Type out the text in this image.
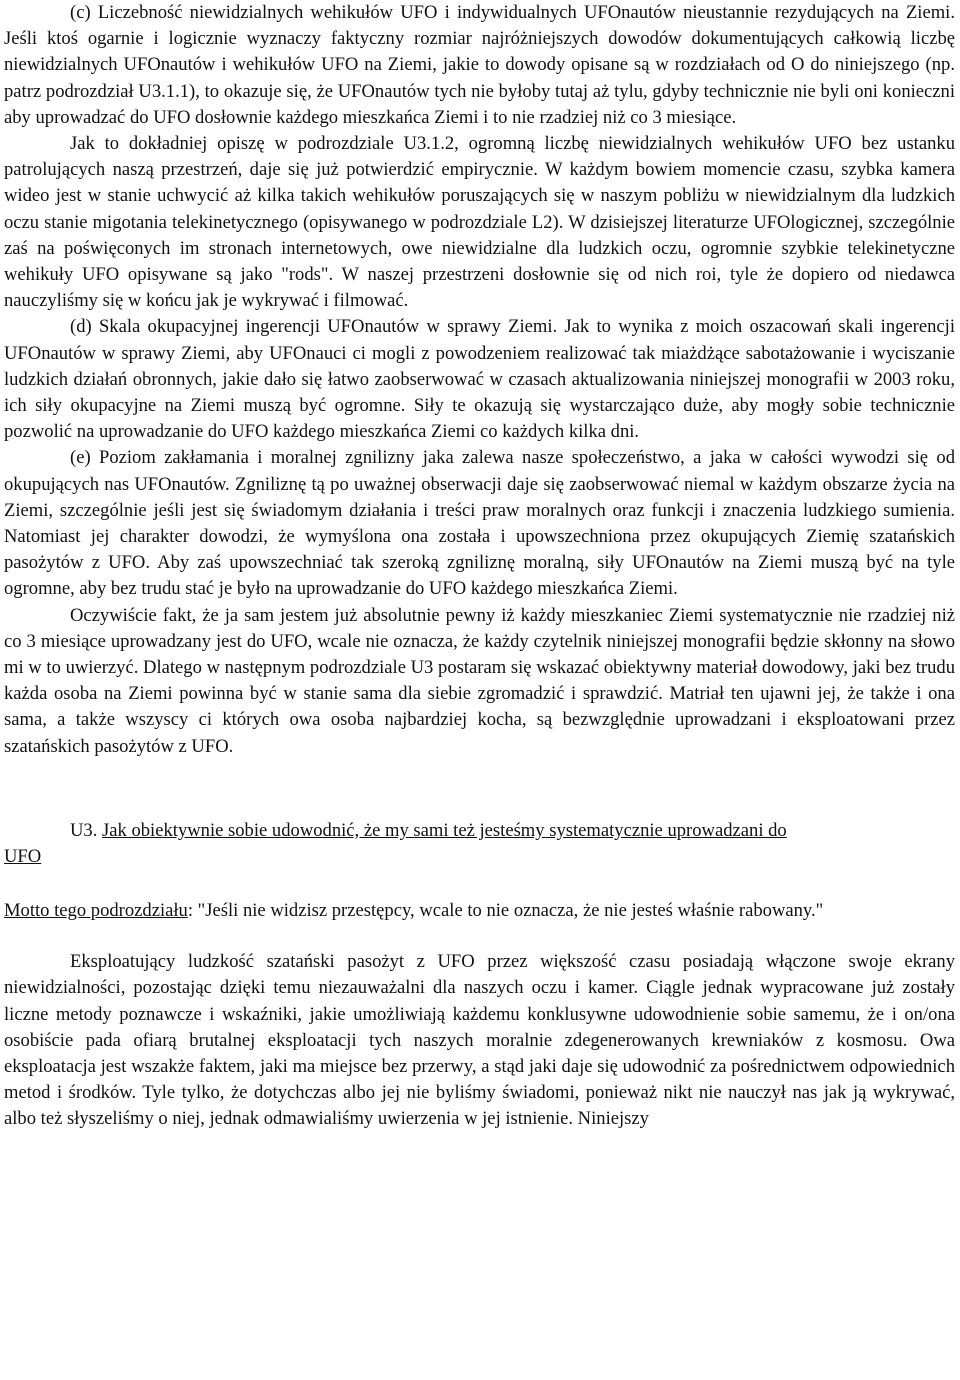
(c) Liczebność niewidzialnych wehikułów UFO i indywidualnych UFOnautów nieustannie rezydujących na Ziemi. Jeśli ktoś ogarnie i logicznie wyznaczy faktyczny rozmiar najróżniejszych dowodów dokumentujących całkowią liczbę niewidzialnych UFOnautów i wehikułów UFO na Ziemi, jakie to dowody opisane są w rozdziałach od O do niniejszego (np. patrz podrozdział U3.1.1), to okazuje się, że UFOnautów tych nie byłoby tutaj aż tylu, gdyby technicznie nie byli oni konieczni aby uprowadzać do UFO dosłownie każdego mieszkańca Ziemi i to nie rzadziej niż co 3 miesiące.

Jak to dokładniej opiszę w podrozdziale U3.1.2, ogromną liczbę niewidzialnych wehikułów UFO bez ustanku patrolujących naszą przestrzeń, daje się już potwierdzić empirycznie. W każdym bowiem momencie czasu, szybka kamera wideo jest w stanie uchwycić aż kilka takich wehikułów poruszających się w naszym pobliżu w niewidzialnym dla ludzkich oczu stanie migotania telekinetycznego (opisywanego w podrozdziale L2). W dzisiejszej literaturze UFOlogicznej, szczególnie zaś na poświęconych im stronach internetowych, owe niewidzialne dla ludzkich oczu, ogromnie szybkie telekinetyczne wehikuły UFO opisywane są jako "rods". W naszej przestrzeni dosłownie się od nich roi, tyle że dopiero od niedawca nauczyliśmy się w końcu jak je wykrywać i filmować.

(d) Skala okupacyjnej ingerencji UFOnautów w sprawy Ziemi. Jak to wynika z moich oszacowań skali ingerencji UFOnautów w sprawy Ziemi, aby UFOnauci ci mogli z powodzeniem realizować tak miażdżące sabotażowanie i wyciszanie ludzkich działań obronnych, jakie dało się łatwo zaobserwować w czasach aktualizowania niniejszej monografii w 2003 roku, ich siły okupacyjne na Ziemi muszą być ogromne. Siły te okazują się wystarczająco duże, aby mogły sobie technicznie pozwolić na uprowadzanie do UFO każdego mieszkańca Ziemi co każdych kilka dni.

(e) Poziom zakłamania i moralnej zgnilizny jaka zalewa nasze społeczeństwo, a jaka w całości wywodzi się od okupujących nas UFOnautów. Zgniliznę tą po uważnej obserwacji daje się zaobserwować niemal w każdym obszarze życia na Ziemi, szczególnie jeśli jest się świadomym działania i treści praw moralnych oraz funkcji i znaczenia ludzkiego sumienia. Natomiast jej charakter dowodzi, że wymyślona ona została i upowszechniona przez okupujących Ziemię szatańskich pasożytów z UFO. Aby zaś upowszechniać tak szeroką zgniliznę moralną, siły UFOnautów na Ziemi muszą być na tyle ogromne, aby bez trudu stać je było na uprowadzanie do UFO każdego mieszkańca Ziemi.

Oczywiście fakt, że ja sam jestem już absolutnie pewny iż każdy mieszkaniec Ziemi systematycznie nie rzadziej niż co 3 miesiące uprowadzany jest do UFO, wcale nie oznacza, że każdy czytelnik niniejszej monografii będzie skłonny na słowo mi w to uwierzyć. Dlatego w następnym podrozdziale U3 postaram się wskazać obiektywny materiał dowodowy, jaki bez trudu każda osoba na Ziemi powinna być w stanie sama dla siebie zgromadzić i sprawdzić. Matriał ten ujawni jej, że także i ona sama, a także wszyscy ci których owa osoba najbardziej kocha, są bezwzględnie uprowadzani i eksploatowani przez szatańskich pasożytów z UFO.

UFO
U3. Jak obiektywnie sobie udowodnić, że my sami też jesteśmy systematycznie uprowadzani do

Motto tego podrozdziału: "Jeśli nie widzisz przestępcy, wcale to nie oznacza, że nie jesteś właśnie rabowany."

Eksploatujący ludzkość szatański pasożyt z UFO przez większość czasu posiadają włączone swoje ekrany niewidzialności, pozostając dzięki temu niezauważalni dla naszych oczu i kamer. Ciągle jednak wypracowane już zostały liczne metody poznawcze i wskaźniki, jakie umożliwiają każdemu konklusywne udowodnienie sobie samemu, że i on/ona osobiście pada ofiarą brutalnej eksploatacji tych naszych moralnie zdegenerowanych krewniaków z kosmosu. Owa eksploatacja jest wszakże faktem, jaki ma miejsce bez przerwy, a stąd jaki daje się udowodnić za pośrednictwem odpowiednich metod i środków. Tyle tylko, że dotychczas albo jej nie byliśmy świadomi, ponieważ nikt nie nauczył nas jak ją wykrywać, albo też słyszeliśmy o niej, jednak odmawialiśmy uwierzenia w jej istnienie. Niniejszy
